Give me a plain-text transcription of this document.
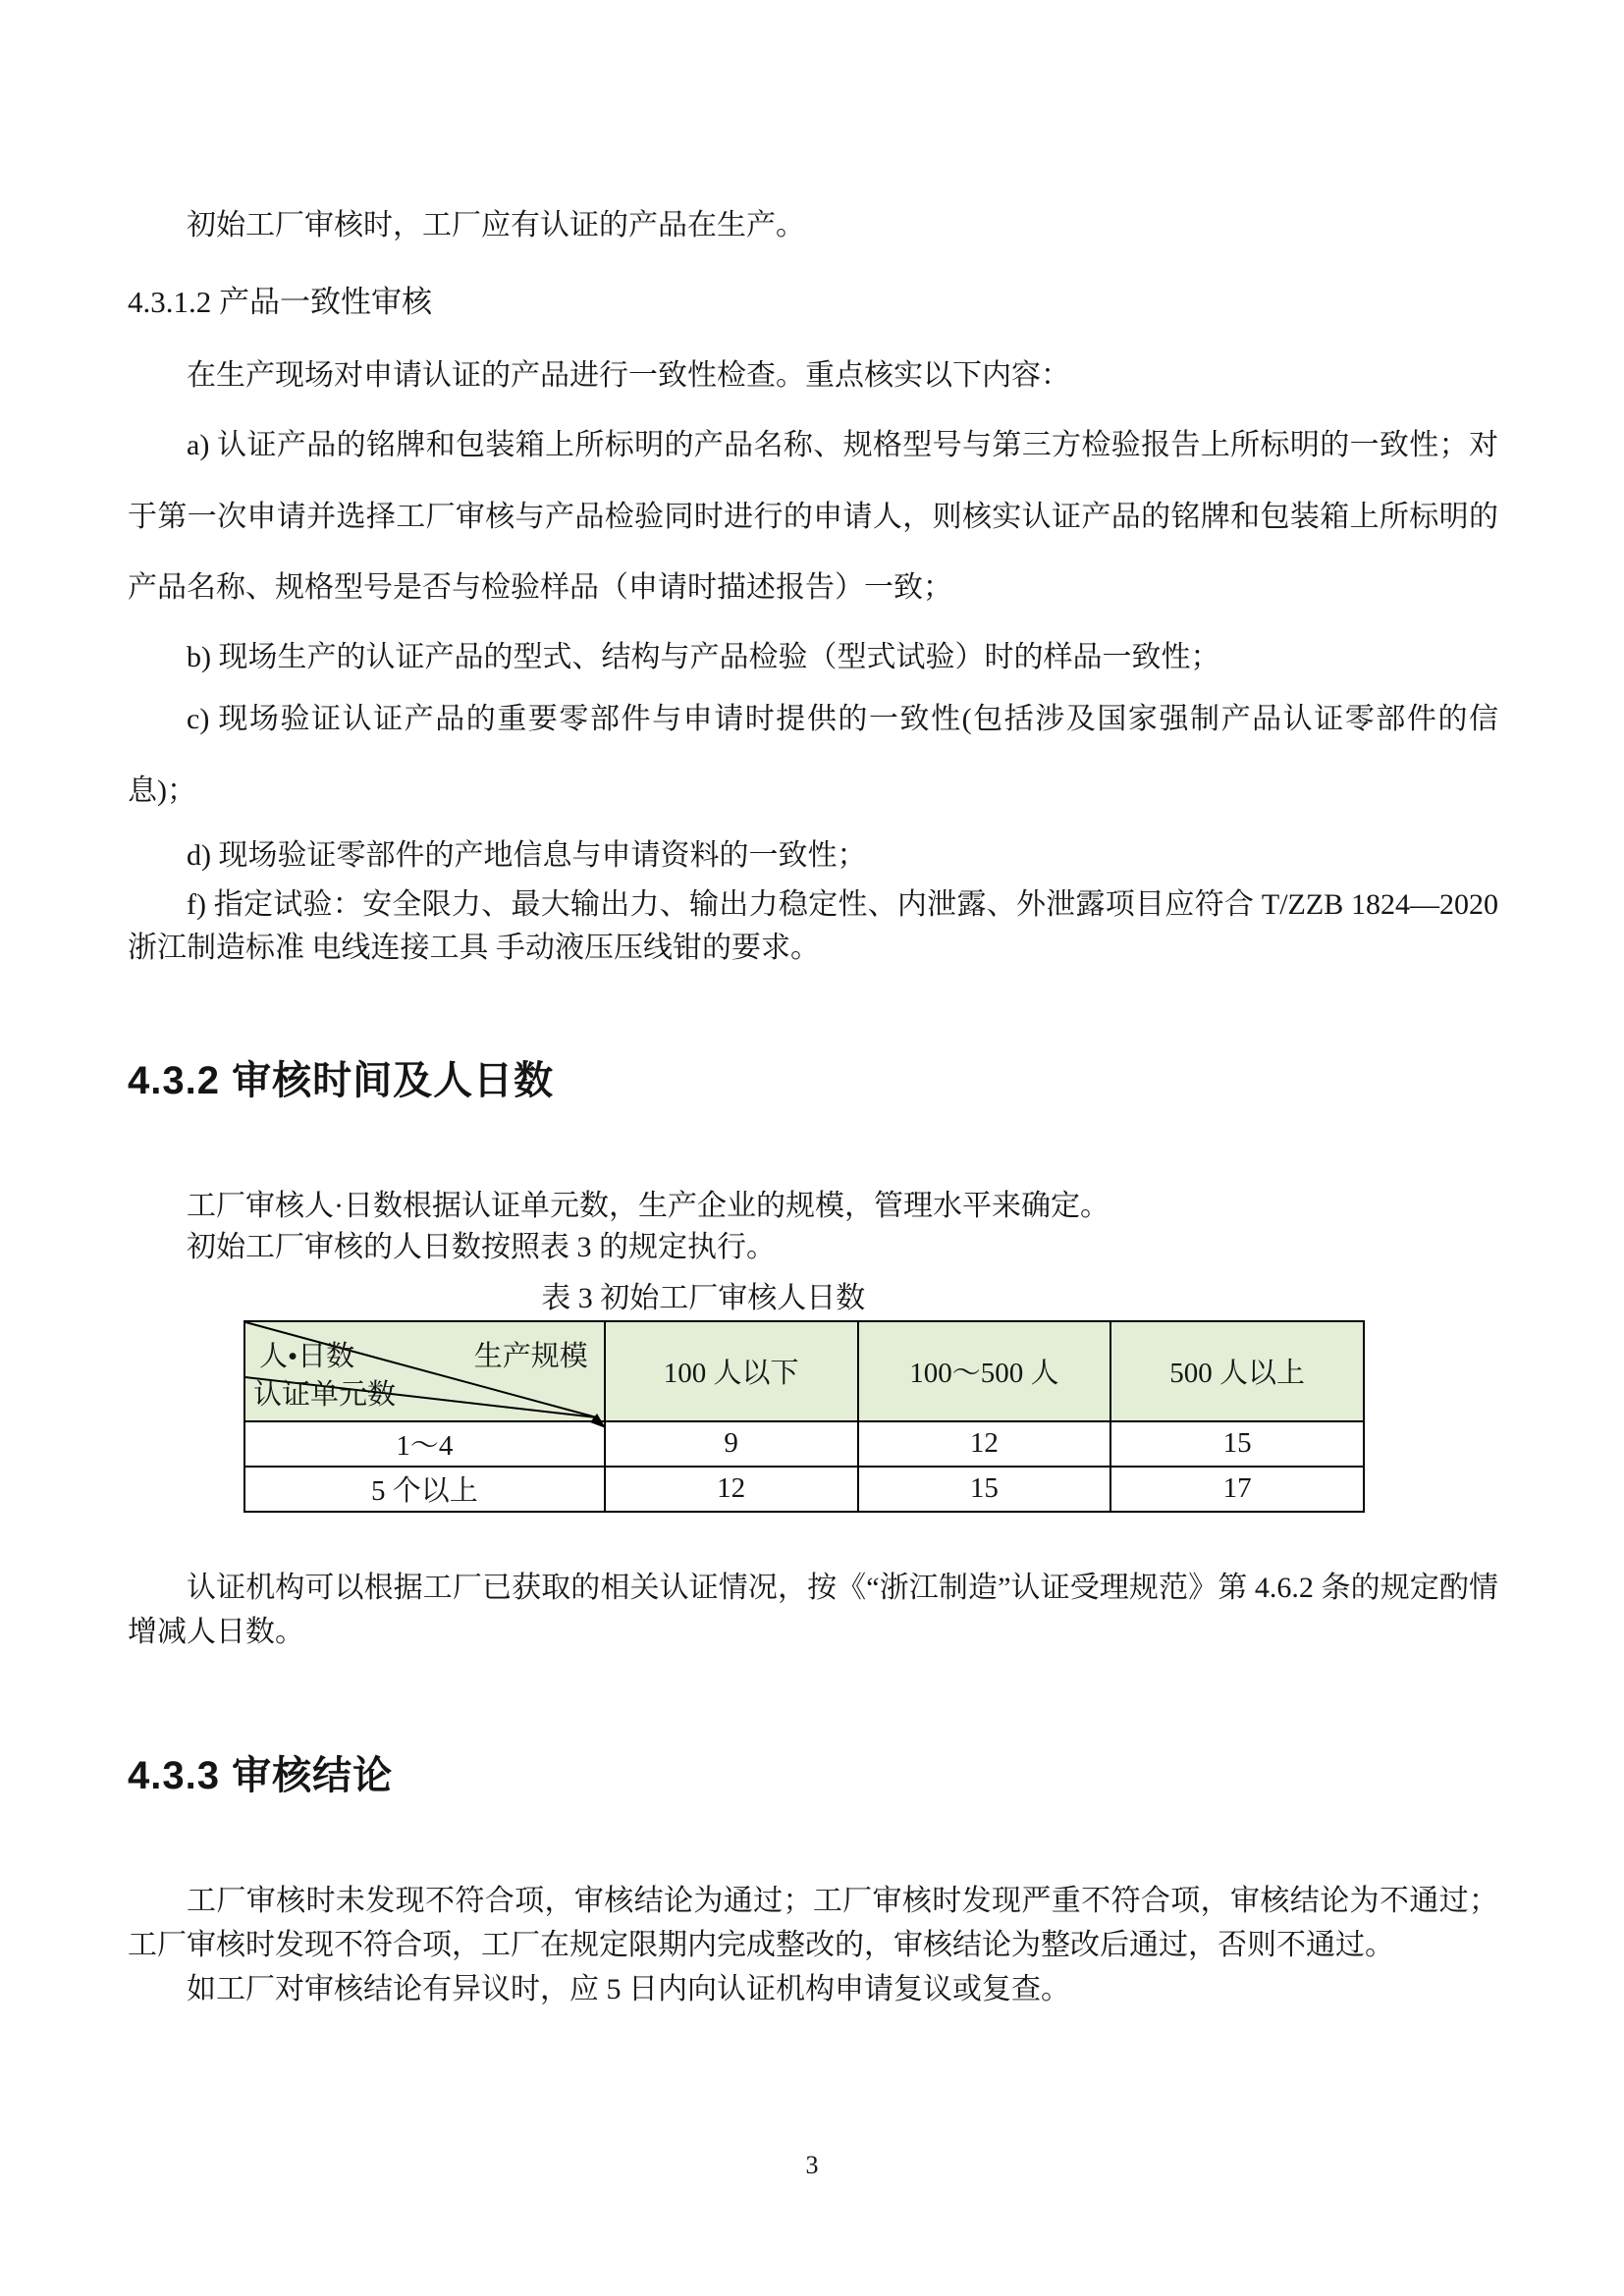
初始工厂审核时，工厂应有认证的产品在生产。

4.3.1.2 产品一致性审核

在生产现场对申请认证的产品进行一致性检查。重点核实以下内容：

a) 认证产品的铭牌和包装箱上所标明的产品名称、规格型号与第三方检验报告上所标明的一致性；对于第一次申请并选择工厂审核与产品检验同时进行的申请人，则核实认证产品的铭牌和包装箱上所标明的产品名称、规格型号是否与检验样品（申请时描述报告）一致；

b) 现场生产的认证产品的型式、结构与产品检验（型式试验）时的样品一致性；

c) 现场验证认证产品的重要零部件与申请时提供的一致性(包括涉及国家强制产品认证零部件的信息)；

d) 现场验证零部件的产地信息与申请资料的一致性；

f) 指定试验：安全限力、最大输出力、输出力稳定性、内泄露、外泄露项目应符合 T/ZZB 1824—2020 浙江制造标准 电线连接工具 手动液压压线钳的要求。

4.3.2 审核时间及人日数

工厂审核人·日数根据认证单元数，生产企业的规模，管理水平来确定。

初始工厂审核的人日数按照表 3 的规定执行。

表 3 初始工厂审核人日数
人•日数 生产规模
认证单元数	100 人以下	100～500 人	500 人以上
1～4	9	12	15
5 个以上	12	15	17

认证机构可以根据工厂已获取的相关认证情况，按《“浙江制造”认证受理规范》第 4.6.2 条的规定酌情增减人日数。

4.3.3 审核结论

工厂审核时未发现不符合项，审核结论为通过；工厂审核时发现严重不符合项，审核结论为不通过；工厂审核时发现不符合项，工厂在规定限期内完成整改的，审核结论为整改后通过，否则不通过。

如工厂对审核结论有异议时，应 5 日内向认证机构申请复议或复查。

3
